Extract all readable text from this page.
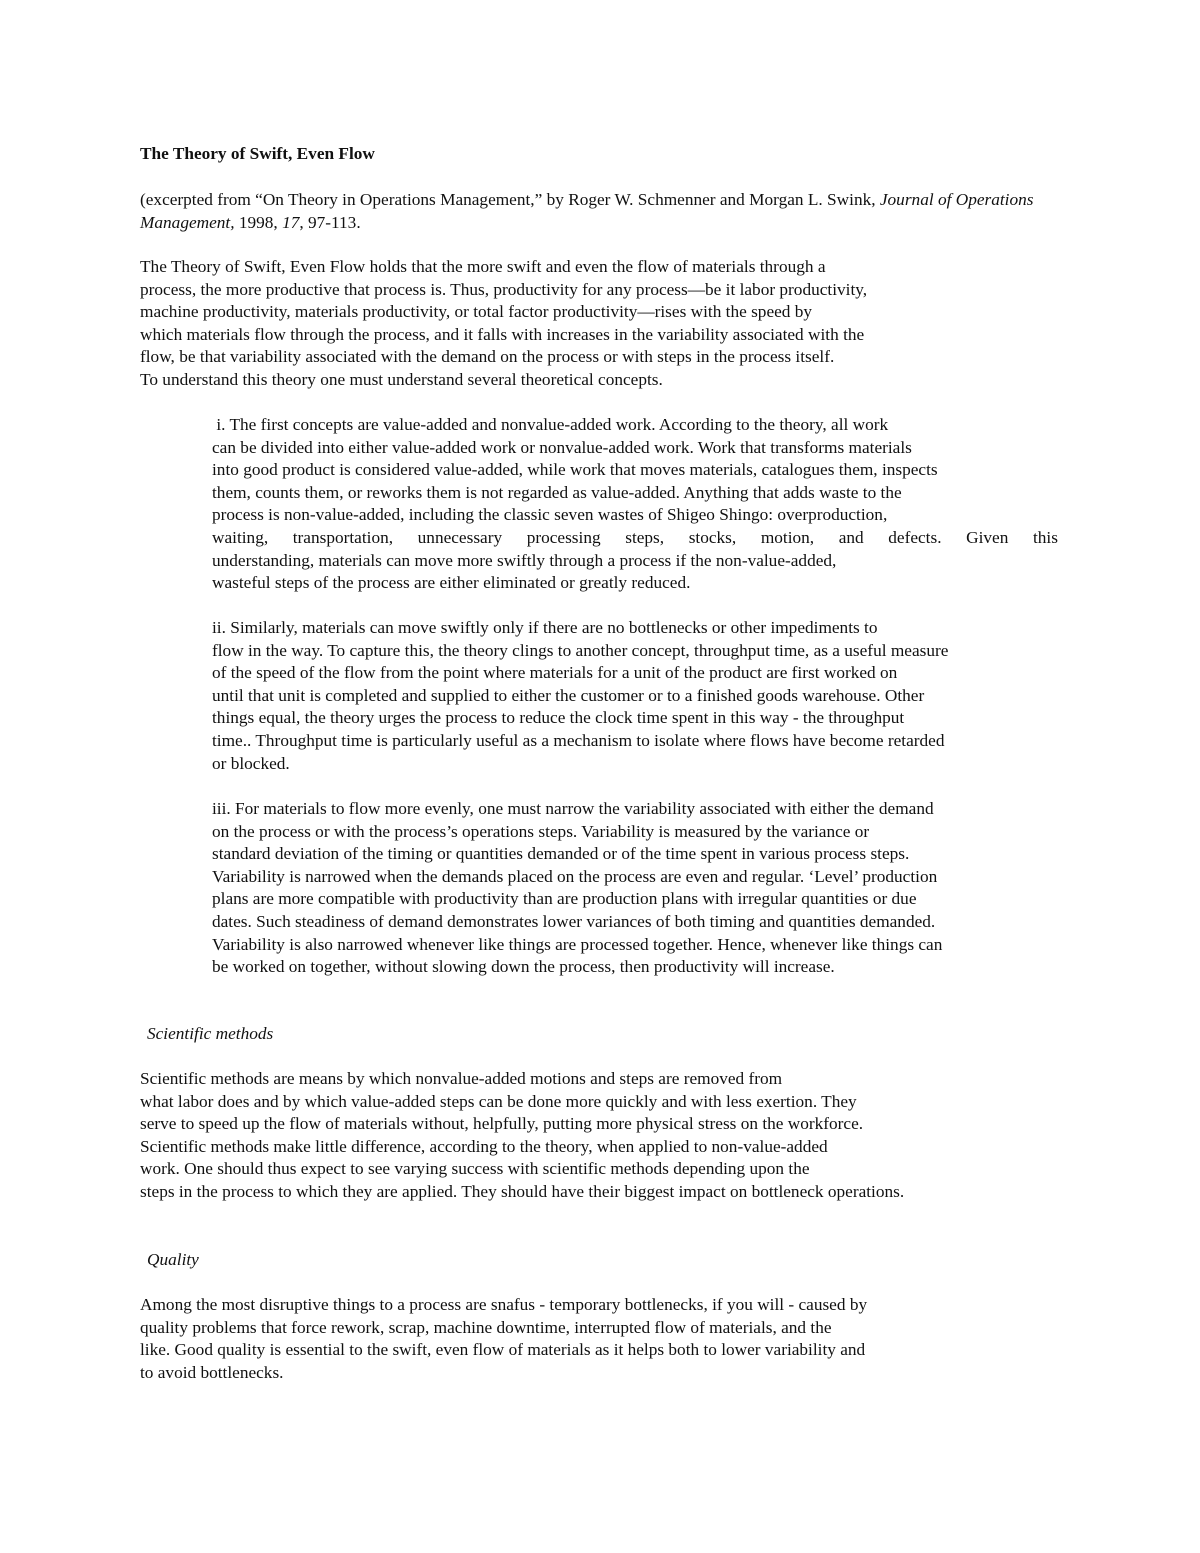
The Theory of Swift, Even Flow
(excerpted from “On Theory in Operations Management,” by Roger W. Schmenner and Morgan L. Swink, Journal of Operations Management, 1998, 17, 97-113.
The Theory of Swift, Even Flow holds that the more swift and even the flow of materials through a
process, the more productive that process is. Thus, productivity for any process—be it labor productivity,
machine productivity, materials productivity, or total factor productivity—rises with the speed by
which materials flow through the process, and it falls with increases in the variability associated with the
flow, be that variability associated with the demand on the process or with steps in the process itself.
To understand this theory one must understand several theoretical concepts.
i. The first concepts are value-added and nonvalue-added work. According to the theory, all work
can be divided into either value-added work or nonvalue-added work. Work that transforms materials
into good product is considered value-added, while work that moves materials, catalogues them, inspects
them, counts them, or reworks them is not regarded as value-added. Anything that adds waste to the
process is non-value-added, including the classic seven wastes of Shigeo Shingo: overproduction,
waiting, transportation, unnecessary processing steps, stocks, motion, and defects. Given this
understanding, materials can move more swiftly through a process if the non-value-added,
wasteful steps of the process are either eliminated or greatly reduced.
ii. Similarly, materials can move swiftly only if there are no bottlenecks or other impediments to
flow in the way. To capture this, the theory clings to another concept, throughput time, as a useful measure
of the speed of the flow from the point where materials for a unit of the product are first worked on
until that unit is completed and supplied to either the customer or to a finished goods warehouse. Other
things equal, the theory urges the process to reduce the clock time spent in this way - the throughput
time.. Throughput time is particularly useful as a mechanism to isolate where flows have become retarded
or blocked.
iii. For materials to flow more evenly, one must narrow the variability associated with either the demand
on the process or with the process’s operations steps. Variability is measured by the variance or
standard deviation of the timing or quantities demanded or of the time spent in various process steps.
Variability is narrowed when the demands placed on the process are even and regular. ‘Level’ production
plans are more compatible with productivity than are production plans with irregular quantities or due
dates. Such steadiness of demand demonstrates lower variances of both timing and quantities demanded.
Variability is also narrowed whenever like things are processed together. Hence, whenever like things can
be worked on together, without slowing down the process, then productivity will increase.
Scientific methods
Scientific methods are means by which nonvalue-added motions and steps are removed from
what labor does and by which value-added steps can be done more quickly and with less exertion. They
serve to speed up the flow of materials without, helpfully, putting more physical stress on the workforce.
Scientific methods make little difference, according to the theory, when applied to non-value-added
work. One should thus expect to see varying success with scientific methods depending upon the
steps in the process to which they are applied. They should have their biggest impact on bottleneck operations.
Quality
Among the most disruptive things to a process are snafus - temporary bottlenecks, if you will - caused by
quality problems that force rework, scrap, machine downtime, interrupted flow of materials, and the
like. Good quality is essential to the swift, even flow of materials as it helps both to lower variability and
to avoid bottlenecks.
